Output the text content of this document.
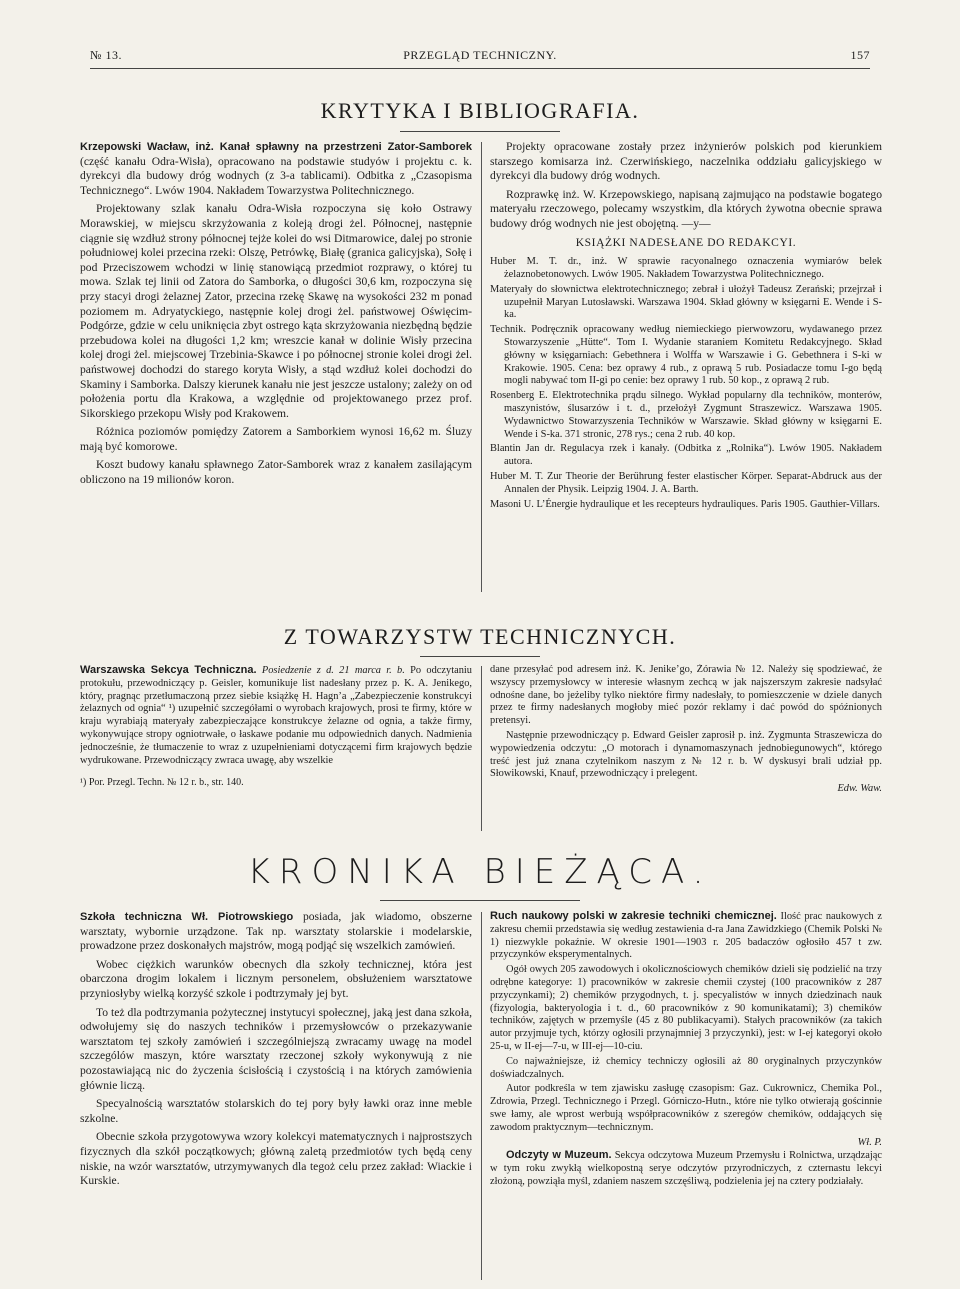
№ 13.	PRZEGLĄD TECHNICZNY.	157
KRYTYKA I BIBLIOGRAFIA.

Krzepowski Wacław, inż. Kanał spławny na przestrzeni Zator-Samborek (część kanału Odra-Wisła), opracowano na podstawie studyów i projektu c. k. dyrekcyi dla budowy dróg wodnych (z 3-a tablicami). Odbitka z „Czasopisma Technicznego“. Lwów 1904. Nakładem Towarzystwa Politechnicznego.

Projektowany szlak kanału Odra-Wisła rozpoczyna się koło Ostrawy Morawskiej, w miejscu skrzyżowania z koleją drogi żel. Północnej, następnie ciągnie się wzdłuż strony północnej tejże kolei do wsi Ditmarowice, dalej po stronie południowej kolei przecina rzeki: Olszę, Petrówkę, Białę (granica galicyjska), Sołę i pod Przeciszowem wchodzi w linię stanowiącą przedmiot rozprawy, o której tu mowa. Szlak tej linii od Zatora do Samborka, o długości 30,6 km, rozpoczyna się przy stacyi drogi żelaznej Zator, przecina rzekę Skawę na wysokości 232 m ponad poziomem m. Adryatyckiego, następnie kolej drogi żel. państwowej Oświęcim-Podgórze, gdzie w celu uniknięcia zbyt ostrego kąta skrzyżowania niezbędną będzie przebudowa kolei na długości 1,2 km; wreszcie kanał w dolinie Wisły przecina kolej drogi żel. miejscowej Trzebinia-Skawce i po północnej stronie kolei drogi żel. państwowej dochodzi do starego koryta Wisły, a stąd wzdłuż kolei dochodzi do Skaminy i Samborka. Dalszy kierunek kanału nie jest jeszcze ustalony; zależy on od położenia portu dla Krakowa, a względnie od projektowanego przez prof. Sikorskiego przekopu Wisły pod Krakowem.

Różnica poziomów pomiędzy Zatorem a Samborkiem wynosi 16,62 m. Śluzy mają być komorowe.

Koszt budowy kanału spławnego Zator-Samborek wraz z kanałem zasilającym obliczono na 19 milionów koron.

Projekty opracowane zostały przez inżynierów polskich pod kierunkiem starszego komisarza inż. Czerwińskiego, naczelnika oddziału galicyjskiego w dyrekcyi dla budowy dróg wodnych.

Rozprawkę inż. W. Krzepowskiego, napisaną zajmująco na podstawie bogatego materyału rzeczowego, polecamy wszystkim, dla których żywotna obecnie sprawa budowy dróg wodnych nie jest obojętną. —y—

KSIĄŻKI NADESŁANE DO REDAKCYI.

Huber M. T. dr., inż. W sprawie racyonalnego oznaczenia wymiarów belek żelaznobetonowych. Lwów 1905. Nakładem Towarzystwa Politechnicznego.

Materyały do słownictwa elektrotechnicznego; zebrał i ułożył Tadeusz Zerański; przejrzał i uzupełnił Maryan Lutosławski. Warszawa 1904. Skład główny w księgarni E. Wende i S-ka.

Technik. Podręcznik opracowany według niemieckiego pierwowzoru, wydawanego przez Stowarzyszenie „Hütte“. Tom I. Wydanie staraniem Komitetu Redakcyjnego. Skład główny w księgarniach: Gebethnera i Wolffa w Warszawie i G. Gebethnera i S-ki w Krakowie. 1905. Cena: bez oprawy 4 rub., z oprawą 5 rub. Posiadacze tomu I-go będą mogli nabywać tom II-gi po cenie: bez oprawy 1 rub. 50 kop., z oprawą 2 rub.

Rosenberg E. Elektrotechnika prądu silnego. Wykład popularny dla techników, monterów, maszynistów, ślusarzów i t. d., przełożył Zygmunt Straszewicz. Warszawa 1905. Wydawnictwo Stowarzyszenia Techników w Warszawie. Skład główny w księgarni E. Wende i S-ka. 371 stronic, 278 rys.; cena 2 rub. 40 kop.

Blantin Jan dr. Regulacya rzek i kanały. (Odbitka z „Rolnika“). Lwów 1905. Nakładem autora.

Huber M. T. Zur Theorie der Berührung fester elastischer Körper. Separat-Abdruck aus der Annalen der Physik. Leipzig 1904. J. A. Barth.

Masoni U. L’Énergie hydraulique et les recepteurs hydrauliques. Paris 1905. Gauthier-Villars.

Z TOWARZYSTW TECHNICZNYCH.

Warszawska Sekcya Techniczna. Posiedzenie z d. 21 marca r. b. Po odczytaniu protokułu, przewodniczący p. Geisler, komunikuje list nadesłany przez p. K. A. Jenikego, który, pragnąc przetłumaczoną przez siebie książkę H. Hagn’a „Zabezpieczenie konstrukcyi żelaznych od ognia“ ¹) uzupełnić szczegółami o wyrobach krajowych, prosi te firmy, które w kraju wyrabiają materyały zabezpieczające konstrukcye żelazne od ognia, a także firmy, wykonywujące stropy ogniotrwałe, o łaskawe podanie mu odpowiednich danych. Nadmienia jednocześnie, że tłumaczenie to wraz z uzupełnieniami dotyczącemi firm krajowych będzie wydrukowane. Przewodniczący zwraca uwagę, aby wszelkie

¹) Por. Przegl. Techn. № 12 r. b., str. 140.

dane przesyłać pod adresem inż. K. Jenike’go, Żórawia № 12. Należy się spodziewać, że wszyscy przemysłowcy w interesie własnym zechcą w jak najszerszym zakresie nadsyłać odnośne dane, bo jeżeliby tylko niektóre firmy nadesłały, to pomieszczenie w dziele danych przez te firmy nadesłanych mogłoby mieć pozór reklamy i dać powód do spóźnionych pretensyi.

Następnie przewodniczący p. Edward Geisler zaprosił p. inż. Zygmunta Straszewicza do wypowiedzenia odczytu: „O motorach i dynamomaszynach jednobiegunowych“, którego treść jest już znana czytelnikom naszym z № 12 r. b. W dyskusyi brali udział pp. Słowikowski, Knauf, przewodniczący i prelegent.

Edw. Waw.
KRONIKA BIEŻĄCA.

Szkoła techniczna Wł. Piotrowskiego posiada, jak wiadomo, obszerne warsztaty, wybornie urządzone. Tak np. warsztaty stolarskie i modelarskie, prowadzone przez doskonałych majstrów, mogą podjąć się wszelkich zamówień.

Wobec ciężkich warunków obecnych dla szkoły technicznej, która jest obarczona drogim lokalem i licznym personelem, obsłużeniem warsztatowe przyniosłyby wielką korzyść szkole i podtrzymały jej byt.

To też dla podtrzymania pożytecznej instytucyi społecznej, jaką jest dana szkoła, odwołujemy się do naszych techników i przemysłowców o przekazywanie warsztatom tej szkoły zamówień i szczególniejszą zwracamy uwagę na model szczególów maszyn, które warsztaty rzeczonej szkoły wykonywują z nie pozostawiającą nic do życzenia ścisłością i czystością i na których zamówienia głównie liczą.

Specyalnością warsztatów stolarskich do tej pory były ławki oraz inne meble szkolne.

Obecnie szkoła przygotowywa wzory kolekcyi matematycznych i najprostszych fizycznych dla szkół początkowych; główną zaletą przedmiotów tych będą ceny niskie, na wzór warsztatów, utrzymywanych dla tegoż celu przez zakład: Wiackie i Kurskie.

Ruch naukowy polski w zakresie techniki chemicznej. Ilość prac naukowych z zakresu chemii przedstawia się według zestawienia d-ra Jana Zawidzkiego (Chemik Polski № 1) niezwykle pokaźnie. W okresie 1901—1903 r. 205 badaczów ogłosiło 457 t zw. przyczynków eksperymentalnych.

Ogół owych 205 zawodowych i okolicznościowych chemików dzieli się podzielić na trzy odrębne kategorye: 1) pracowników w zakresie chemii czystej (100 pracowników z 287 przyczynkami); 2) chemików przygodnych, t. j. specyalistów w innych dziedzinach nauk (fizyologia, bakteryologia i t. d., 60 pracowników z 90 komunikatami); 3) chemików techników, zajętych w przemyśle (45 z 80 publikacyami). Stałych pracowników (za takich autor przyjmuje tych, którzy ogłosili przynajmniej 3 przyczynki), jest: w I-ej kategoryi około 25-u, w II-ej—7-u, w III-ej—10-ciu.

Co najważniejsze, iż chemicy techniczy ogłosili aż 80 oryginalnych przyczynków doświadczalnych.

Autor podkreśla w tem zjawisku zasługę czasopism: Gaz. Cukrownicz, Chemika Pol., Zdrowia, Przegl. Technicznego i Przegl. Górniczo-Hutn., które nie tylko otwierają gościnnie swe łamy, ale wprost werbują współpracowników z szeregów chemików, oddających się zawodom praktycznym—technicznym.

Wł. P.

Odczyty w Muzeum. Sekcya odczytowa Muzeum Przemysłu i Rolnictwa, urządzając w tym roku zwykłą wielkopostną serye odczytów przyrodniczych, z czternastu lekcyi złożoną, powziąła myśl, zdaniem naszem szczęśliwą, podzielenia jej na cztery podziałały.
